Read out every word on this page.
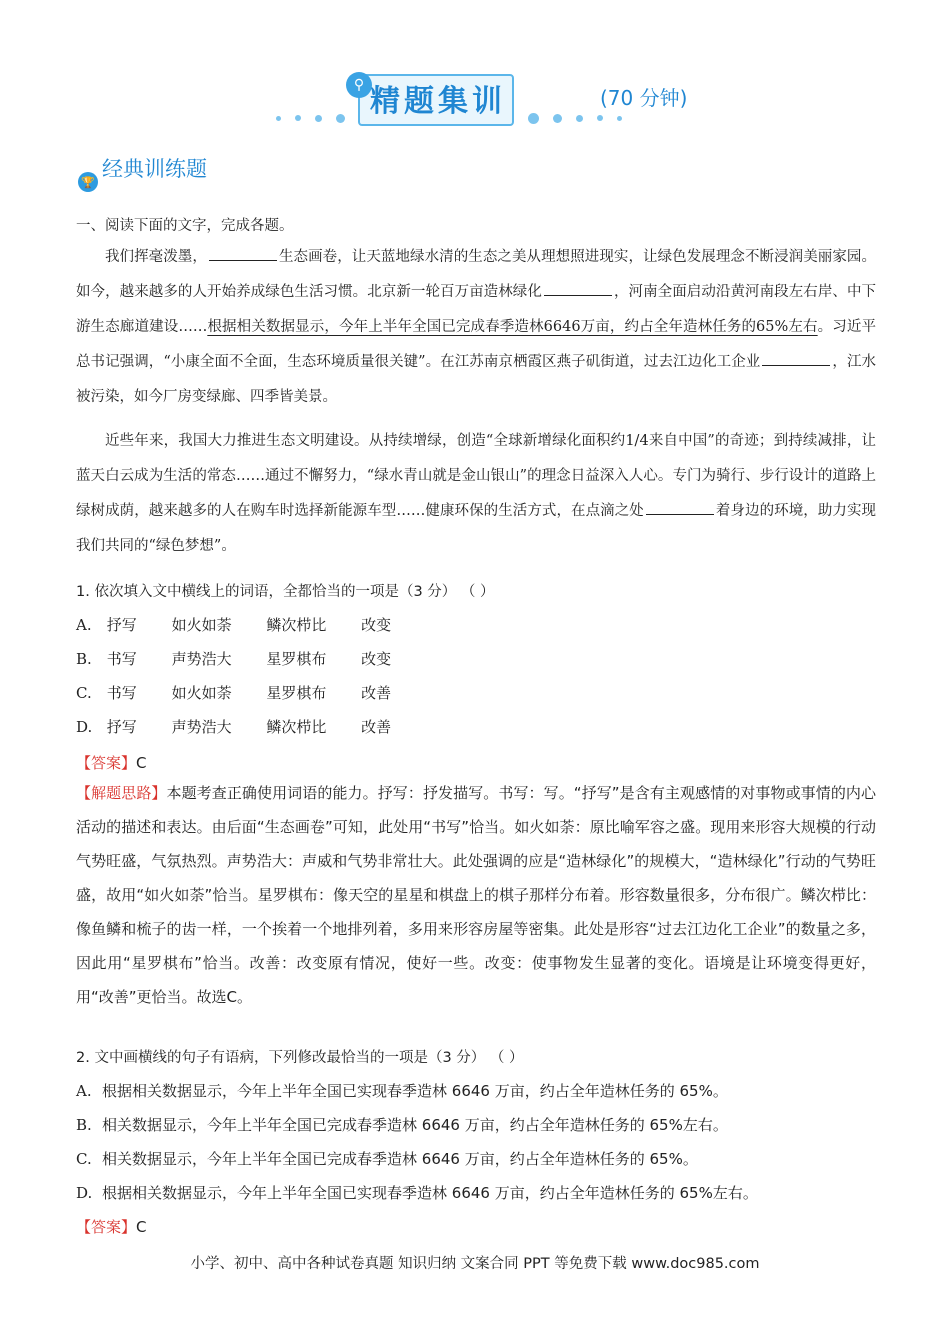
⚲ 精题集训	(70 分钟)
🏆
经典训练题
一、阅读下面的文字，完成各题。
我们挥毫泼墨，	生态画卷，让天蓝地绿水清的生态之美从理想照进现实，让绿色发展理念不断浸润美丽家园。如今，越来越多的人开始养成绿色生活习惯。北京新一轮百万亩造林绿化	，河南全面启动沿黄河南段左右岸、中下游生态廊道建设……根据相关数据显示，今年上半年全国已完成春季造林6646万亩，约占全年造林任务的65%左右。习近平总书记强调，“小康全面不全面，生态环境质量很关键”。在江苏南京栖霞区燕子矶街道，过去江边化工企业	，江水被污染，如今厂房变绿廊、四季皆美景。
近些年来，我国大力推进生态文明建设。从持续增绿，创造“全球新增绿化面积约1/4来自中国”的奇迹；到持续减排，让蓝天白云成为生活的常态……通过不懈努力，“绿水青山就是金山银山”的理念日益深入人心。专门为骑行、步行设计的道路上绿树成荫，越来越多的人在购车时选择新能源车型……健康环保的生活方式，在点滴之处	着身边的环境，助力实现我们共同的“绿色梦想”。
1. 依次填入文中横线上的词语，全都恰当的一项是（3 分） （ ）
A. 抒写 如火如荼 鳞次栉比 改变
B. 书写 声势浩大 星罗棋布 改变
C. 书写 如火如荼 星罗棋布 改善
D. 抒写 声势浩大 鳞次栉比 改善
【答案】C
【解题思路】本题考查正确使用词语的能力。抒写：抒发描写。书写：写。“抒写”是含有主观感情的对事物或事情的内心活动的描述和表达。由后面“生态画卷”可知，此处用“书写”恰当。如火如荼：原比喻军容之盛。现用来形容大规模的行动气势旺盛，气氛热烈。声势浩大：声威和气势非常壮大。此处强调的应是“造林绿化”的规模大，“造林绿化”行动的气势旺盛，故用“如火如荼”恰当。星罗棋布：像天空的星星和棋盘上的棋子那样分布着。形容数量很多，分布很广。鳞次栉比：像鱼鳞和梳子的齿一样，一个挨着一个地排列着，多用来形容房屋等密集。此处是形容“过去江边化工企业”的数量之多，因此用“星罗棋布”恰当。改善：改变原有情况，使好一些。改变：使事物发生显著的变化。语境是让环境变得更好，用“改善”更恰当。故选C。
2. 文中画横线的句子有语病，下列修改最恰当的一项是（3 分） （ ）
A. 根据相关数据显示，今年上半年全国已实现春季造林 6646 万亩，约占全年造林任务的 65%。
B. 相关数据显示，今年上半年全国已完成春季造林 6646 万亩，约占全年造林任务的 65%左右。
C. 相关数据显示，今年上半年全国已完成春季造林 6646 万亩，约占全年造林任务的 65%。
D. 根据相关数据显示，今年上半年全国已实现春季造林 6646 万亩，约占全年造林任务的 65%左右。
【答案】C
小学、初中、高中各种试卷真题 知识归纳 文案合同 PPT 等免费下载 www.doc985.com
